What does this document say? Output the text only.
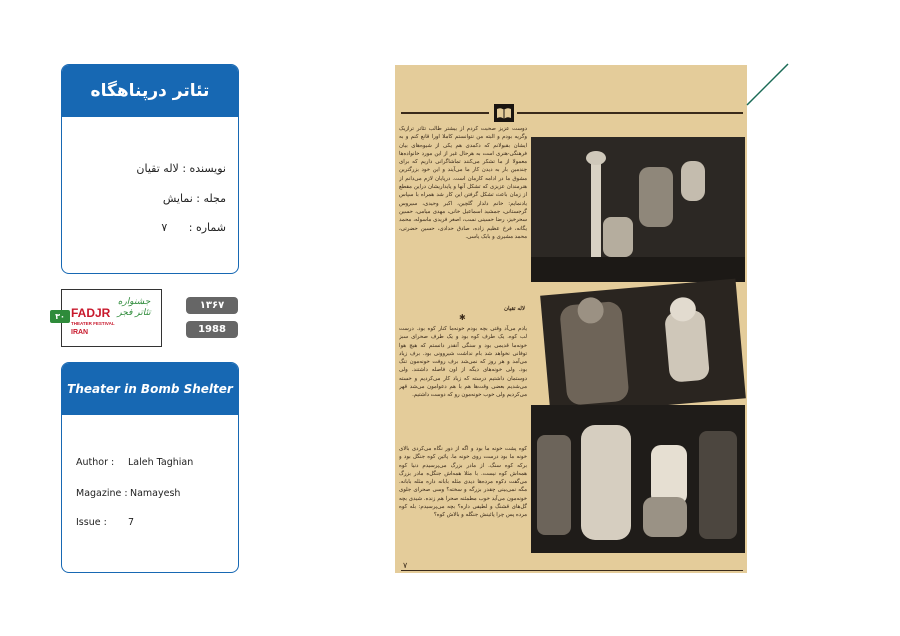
تئاتر درپناهگاه
نویسنده : لاله تقیان
مجله : نمایش
شماره : ۷
۳۰ FADJR
THEATER FESTIVAL
IRAN
جشنواره تئاتر فجر
۱۳۶۷
1988
Theater in Bomb Shelter
Author : Laleh Taghian
Magazine : Namayesh
Issue : 7
دوست عزیز صحبت کردم از بیشتر طالب تئاتر ترازیک وگریه بودم و البته من نتوانستم کاملا اورا قانع کنم و به ایشان بقبولانم که دکمدی هم یکی از شیوه‌های بیان فرهنگی-هنری است به هرحال غیر از این مورد خانواده‌ها معمولا از ما تشکر می‌کنند تماشاگرانی داریم که برای چندمین بار به دیدن کار ما می‌آیند و این خود بزرگترین مشوق ما در ادامه کارمان است. درپایان لازم می‌دانم از هنرمندان عزیزی که تشکل آنها و پایداریشان دراین مقطع از زمان باعث تشکل گرفتن این کار شد همراه با سپاس یادنمایم: خانم دلدار گلچین، اکبر وحیدی، سیروس گرجستانی، جمشید اسماعیل خانی، مهدی میامی، حسین سحرخیز، رضا حسینی نسب، اصغر فریدی ماسوله، محمد یگانه، فرخ عظیم زاده، صادق حدادی، حسین حضرتی، محمد مشیری و بابک یاسی.
لاله تقیان
✱
یادم می‌آد وقتی بچه بودم خونه‌ما کنار کوه بود. درست لب کوه. یک طرف کوه بود و یک طرف صحرای سبز خونه‌ما قدیمی بود و سنگی آنقدر دانستم که هیچ هوا توفانی نخواهد شد بام نداشت شیروونی بود. برف زیاد می‌آمد و هر روز که نمی‌شد برف روفت خونه‌مون تنگ بود. ولی خونه‌های دیگه از اون فاصله داشتند. ولی دوستمان داشتیم درسته که زیاد کار می‌کردیم و خسته می‌شدیم بعضی وقت‌ها هم با هم دعوامون می‌شد قهر می‌کردیم ولی خوب خونه‌مون رو که دوست داشتیم.
کوه پشت خونه ما بود و اگه از دور نگاه می‌کردی بالای خونه ما بود درست روی خونه ما. پائین کوه جنگل بود و برکه کوه سنگ. از مادر بزرگ می‌پرسیدم دنیا کوه همه‌اش کوه نیست. با مثلا همه‌اش جنگل‌ه مادر بزرگ می‌گفت دکوه مرده‌ها دیدی مثله بابانه داره مثله بابانه. مگه نمی‌بینی چقدر بزرگه و سخته؟ وسی صحرای جلوی خونه‌مون می‌آید خوب مطمئنه صحرا هم زنده. شیدی بچه گل‌های قشنگ و لطیفی داره؟ بچه می‌پرسیدم: بله کوه مرده پس چرا پائینش جنگله و بالاش کوه؟
۷
